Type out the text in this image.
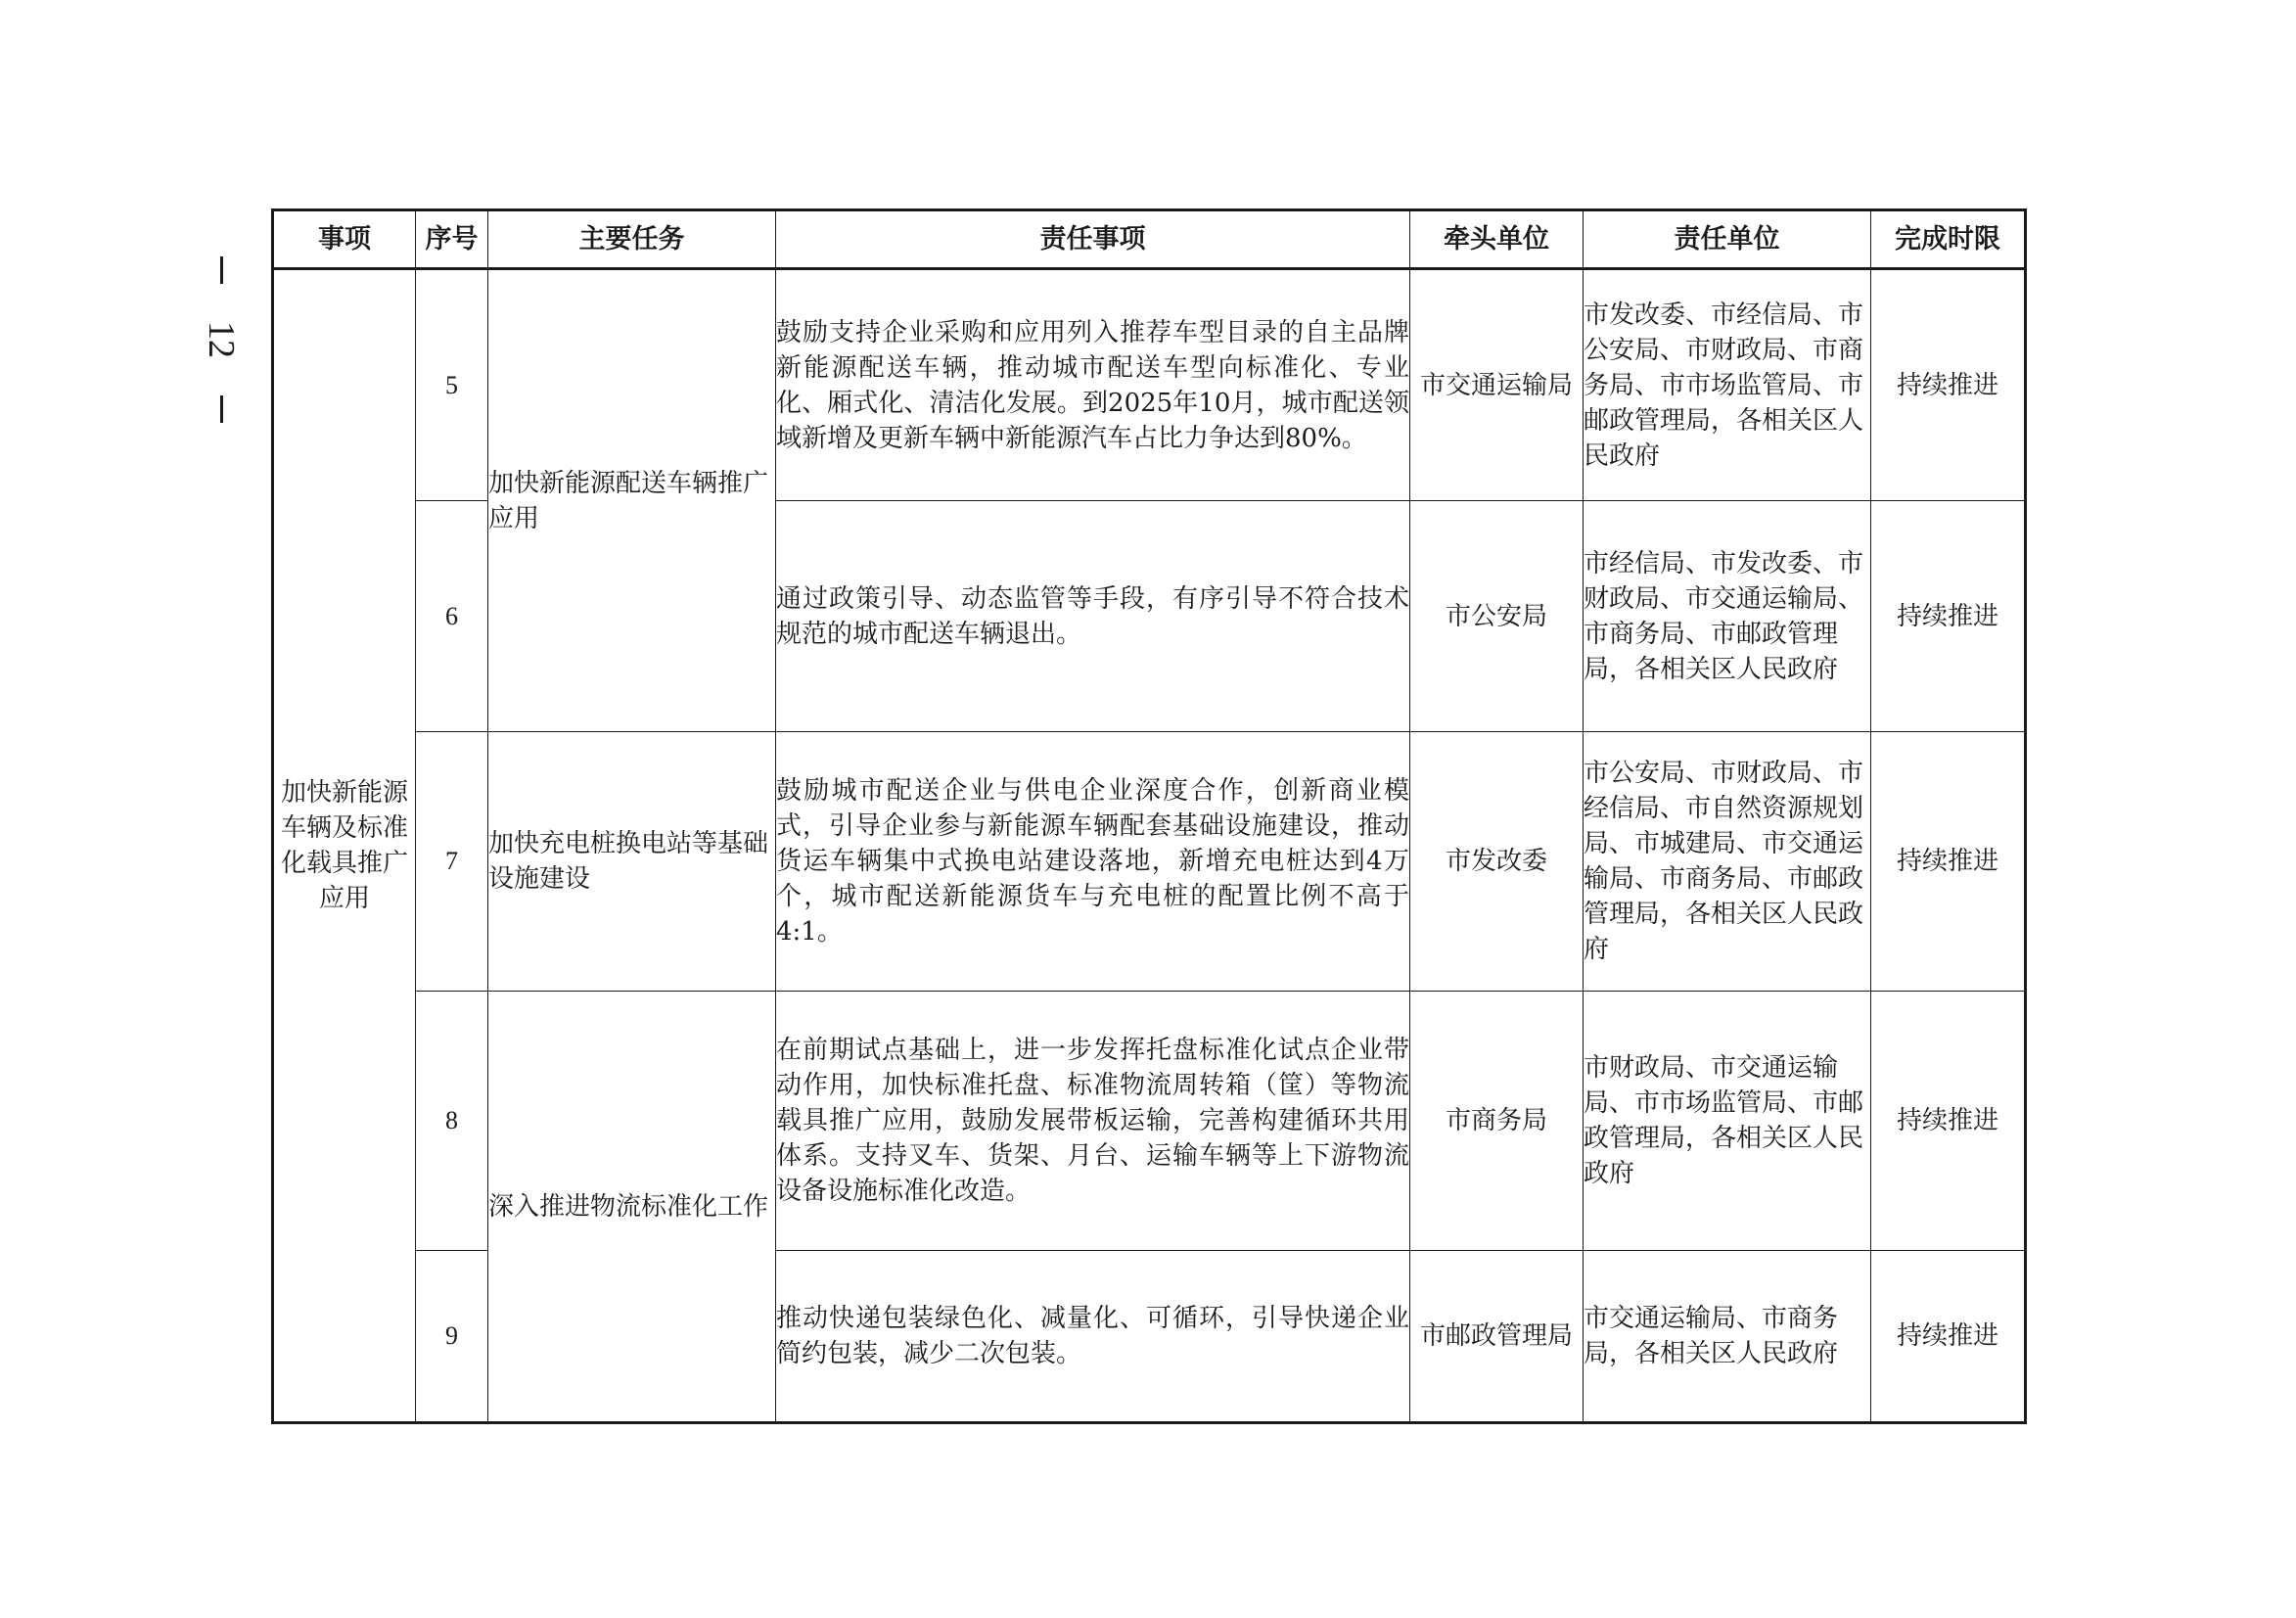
12
事项	序号	主要任务	责任事项	牵头单位	责任单位	完成时限
加快新能源车辆及标准化载具推广应用	5	加快新能源配送车辆推广应用	鼓励支持企业采购和应用列入推荐车型目录的自主品牌新能源配送车辆，推动城市配送车型向标准化、专业化、厢式化、清洁化发展。到2025年10月，城市配送领域新增及更新车辆中新能源汽车占比力争达到80%。	市交通运输局	市发改委、市经信局、市公安局、市财政局、市商务局、市市场监管局、市邮政管理局，各相关区人民政府	持续推进
	6		通过政策引导、动态监管等手段，有序引导不符合技术规范的城市配送车辆退出。	市公安局	市经信局、市发改委、市财政局、市交通运输局、市商务局、市邮政管理局，各相关区人民政府	持续推进
	7	加快充电桩换电站等基础设施建设	鼓励城市配送企业与供电企业深度合作，创新商业模式，引导企业参与新能源车辆配套基础设施建设，推动货运车辆集中式换电站建设落地，新增充电桩达到4万个，城市配送新能源货车与充电桩的配置比例不高于4:1。	市发改委	市公安局、市财政局、市经信局、市自然资源规划局、市城建局、市交通运输局、市商务局、市邮政管理局，各相关区人民政府	持续推进
	8	深入推进物流标准化工作	在前期试点基础上，进一步发挥托盘标准化试点企业带动作用，加快标准托盘、标准物流周转箱（筐）等物流载具推广应用，鼓励发展带板运输，完善构建循环共用体系。支持叉车、货架、月台、运输车辆等上下游物流设备设施标准化改造。	市商务局	市财政局、市交通运输局、市市场监管局、市邮政管理局，各相关区人民政府	持续推进
	9		推动快递包装绿色化、减量化、可循环，引导快递企业简约包装，减少二次包装。	市邮政管理局	市交通运输局、市商务局，各相关区人民政府	持续推进
